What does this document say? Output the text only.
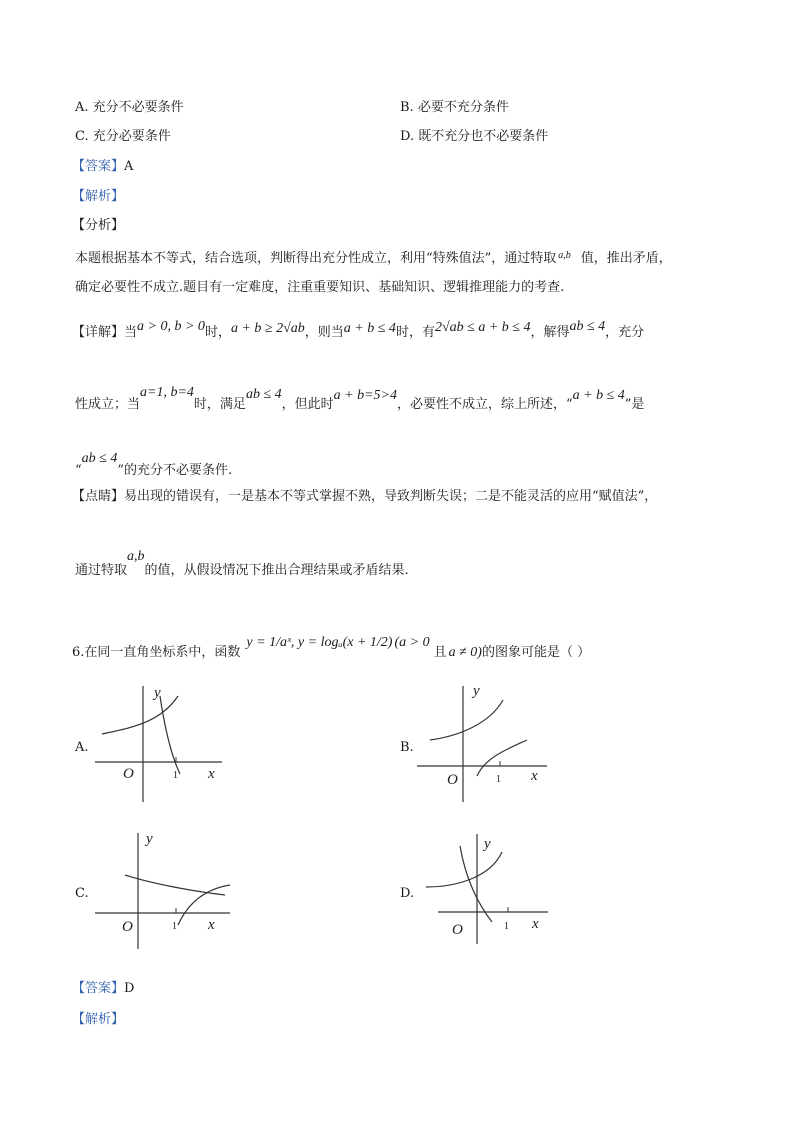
A. 充分不必要条件	B. 必要不充分条件
C. 充分必要条件	D. 既不充分也不必要条件
【答案】A
【解析】
【分析】
本题根据基本不等式，结合选项，判断得出充分性成立，利用“特殊值法”，通过特取 $^{a,b}$ 值，推出矛盾，
确定必要性不成立.题目有一定难度，注重重要知识、基础知识、逻辑推理能力的考查.
【详解】当a > 0, b > 0时，a + b ≥ 2√ab，则当a + b ≤ 4时，有2√ab ≤ a + b ≤ 4，解得ab ≤ 4，充分
性成立；当a=1, b=4时，满足ab ≤ 4，但此时a + b=5>4，必要性不成立，综上所述，“a + b ≤ 4”是
“ab ≤ 4”的充分不必要条件.
【点睛】易出现的错误有，一是基本不等式掌握不熟，导致判断失误；二是不能灵活的应用“赋值法”，
通过特取a,b的值，从假设情况下推出合理结果或矛盾结果.
6.在同一直角坐标系中，函数y = 1/aˣ, y = logₐ(x + 1/2) (a > 0且 a ≠ 0)的图象可能是（ ）
A.	B.
C.	D.
y
x
O	1
y
x
O	1
y
x
O	1
y
x
O	1
【答案】D
【解析】
